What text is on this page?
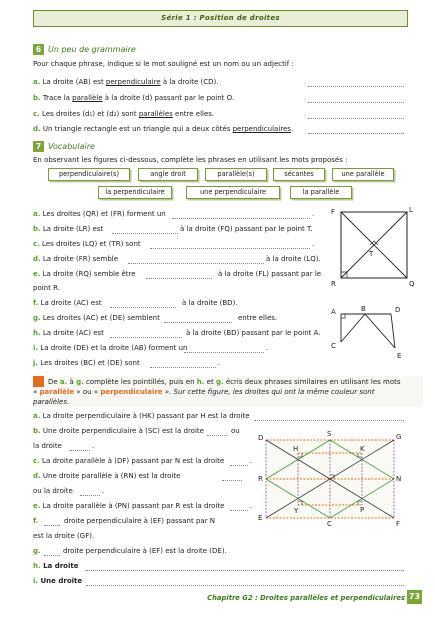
Série 1 : Position de droites
6 Un peu de grammaire
Pour chaque phrase, indique si le mot souligné est un nom ou un adjectif :
a. La droite (AB) est perpendiculaire à la droite (CD).
b. Trace la parallèle à la droite (d) passant par le point O.
c. Les droites (d₁) et (d₂) sont parallèles entre elles.
d. Un triangle rectangle est un triangle qui a deux côtés perpendiculaires.
7 Vocabulaire
En observant les figures ci-dessous, complète les phrases en utilisant les mots proposés :
perpendiculaire(s)	angle droit	parallèle(s)	sécantes	une parallèle
la perpendiculaire	une perpendiculaire	la parallèle
a. Les droites (QR) et (FR) forment un	.
b. La droite (LR) est	à la droite (FQ) passant par le point T.
c. Les droites (LQ) et (TR) sont	.
d. La droite (FR) semble	à la droite (LQ).
e. La droite (RQ) semble être	à la droite (FL) passant par le
point R.
f. La droite (AC) est	à la droite (BD).
g. Les droites (AC) et (DE) semblent	entre elles.
h. La droite (AC) est	à la droite (BD) passant par le point A.
i. La droite (DE) et la droite (AB) forment un	.
j. Les droites (BC) et (DE) sont	.
F	L
T
R	Q
A	B	D
C
E
8 De a. à g. complète les pointillés, puis en h. et g. écris deux phrases similaires en utilisant les mots
« parallèle » ou « perpendiculaire ». Sur cette figure, les droites qui ont la même couleur sont
parallèles.
a. La droite perpendiculaire à (HK) passant par H est la droite
b. Une droite perpendiculaire à (SC) est la droite	ou
la droite	.
c. La droite parallèle à (DF) passant par N est la droite	.
d. Une droite parallèle à (RN) est la droite
ou la droite	.
e. La droite parallèle à (PN) passant par R est la droite	.
f.	droite perpendiculaire à (EF) passant par N
est la droite (GF).
g.	droite perpendiculaire à (EF) est la droite (DE).
h. La droite
i. Une droite
D	S	G
H	K
R	N
Y	P
E
C	F
Chapitre G2 : Droites parallèles et perpendiculaires 73
